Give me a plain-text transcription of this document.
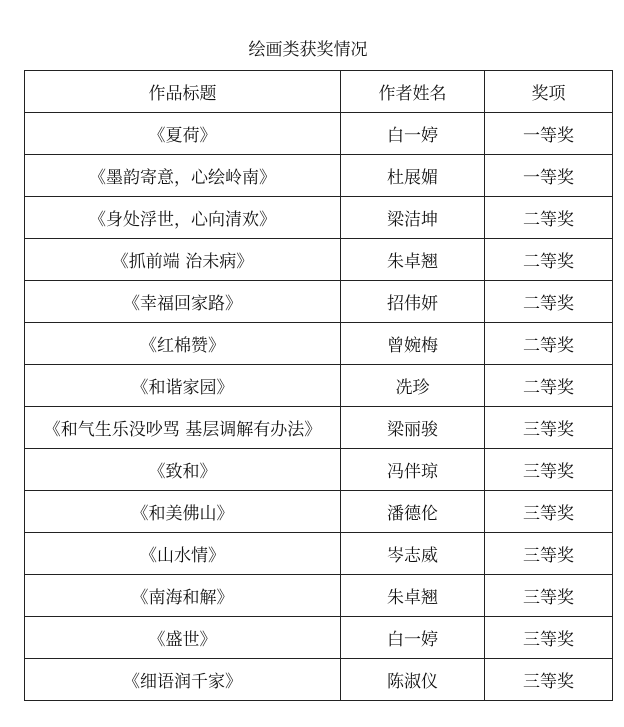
绘画类获奖情况
作品标题	作者姓名	奖项
《夏荷》	白一婷	一等奖
《墨韵寄意，心绘岭南》	杜展媚	一等奖
《身处浮世，心向清欢》	梁洁坤	二等奖
《抓前端 治未病》	朱卓翘	二等奖
《幸福回家路》	招伟妍	二等奖
《红棉赞》	曾婉梅	二等奖
《和谐家园》	冼珍	二等奖
《和气生乐没吵骂 基层调解有办法》	梁丽骏	三等奖
《致和》	冯伴琼	三等奖
《和美佛山》	潘德伦	三等奖
《山水情》	岑志威	三等奖
《南海和解》	朱卓翘	三等奖
《盛世》	白一婷	三等奖
《细语润千家》	陈淑仪	三等奖
